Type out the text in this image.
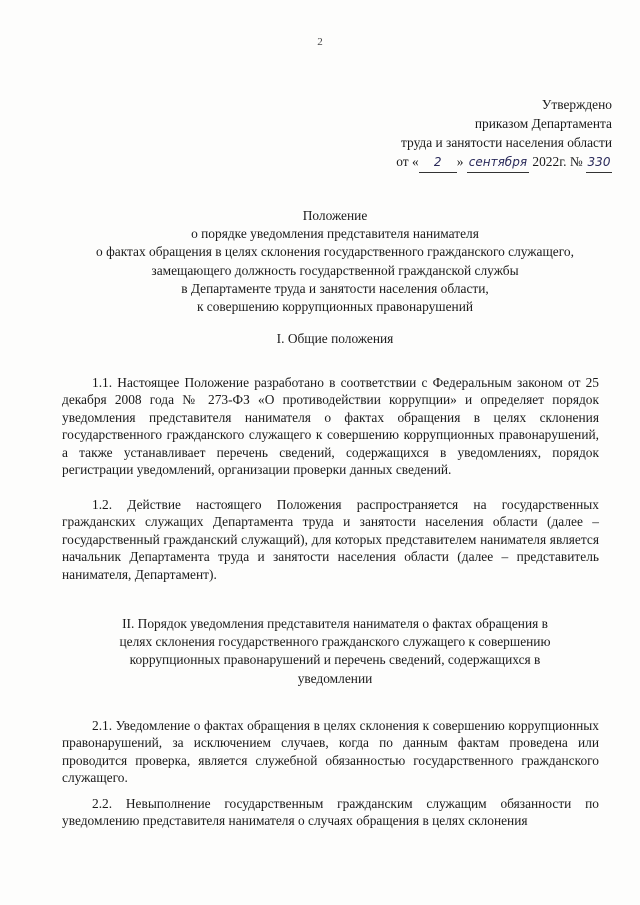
2
Утверждено
приказом Департамента
труда и занятости населения области
от « 2 » сентября 2022г. № 330
Положение
о порядке уведомления представителя нанимателя
о фактах обращения в целях склонения государственного гражданского служащего,
замещающего должность государственной гражданской службы
в Департаменте труда и занятости населения области,
к совершению коррупционных правонарушений
I. Общие положения

1.1. Настоящее Положение разработано в соответствии с Федеральным законом от 25 декабря 2008 года № 273-ФЗ «О противодействии коррупции» и определяет порядок уведомления представителя нанимателя о фактах обращения в целях склонения государственного гражданского служащего к совершению коррупционных правонарушений, а также устанавливает перечень сведений, содержащихся в уведомлениях, порядок регистрации уведомлений, организации проверки данных сведений.

1.2. Действие настоящего Положения распространяется на государственных гражданских служащих Департамента труда и занятости населения области (далее – государственный гражданский служащий), для которых представителем нанимателя является начальник Департамента труда и занятости населения области (далее – представитель нанимателя, Департамент).

II. Порядок уведомления представителя нанимателя о фактах обращения в
целях склонения государственного гражданского служащего к совершению
коррупционных правонарушений и перечень сведений, содержащихся в
уведомлении

2.1. Уведомление о фактах обращения в целях склонения к совершению коррупционных правонарушений, за исключением случаев, когда по данным фактам проведена или проводится проверка, является служебной обязанностью государственного гражданского служащего.

2.2. Невыполнение государственным гражданским служащим обязанности по уведомлению представителя нанимателя о случаях обращения в целях склонения
